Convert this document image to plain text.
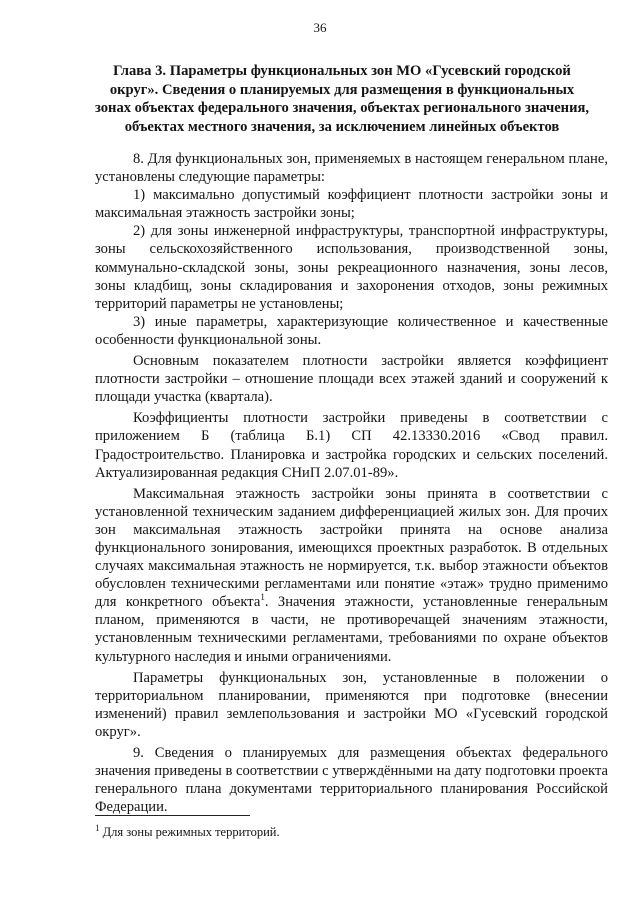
36
Глава 3. Параметры функциональных зон МО «Гусевский городской округ». Сведения о планируемых для размещения в функциональных зонах объектах федерального значения, объектах регионального значения, объектах местного значения, за исключением линейных объектов

8. Для функциональных зон, применяемых в настоящем генеральном плане, установлены следующие параметры:

1) максимально допустимый коэффициент плотности застройки зоны и максимальная этажность застройки зоны;

2) для зоны инженерной инфраструктуры, транспортной инфраструктуры, зоны сельскохозяйственного использования, производственной зоны, коммунально-складской зоны, зоны рекреационного назначения, зоны лесов, зоны кладбищ, зоны складирования и захоронения отходов, зоны режимных территорий параметры не установлены;

3) иные параметры, характеризующие количественное и качественные особенности функциональной зоны.

Основным показателем плотности застройки является коэффициент плотности застройки – отношение площади всех этажей зданий и сооружений к площади участка (квартала).

Коэффициенты плотности застройки приведены в соответствии с приложением Б (таблица Б.1) СП 42.13330.2016 «Свод правил. Градостроительство. Планировка и застройка городских и сельских поселений. Актуализированная редакция СНиП 2.07.01-89».

Максимальная этажность застройки зоны принята в соответствии с установленной техническим заданием дифференциацией жилых зон. Для прочих зон максимальная этажность застройки принята на основе анализа функционального зонирования, имеющихся проектных разработок. В отдельных случаях максимальная этажность не нормируется, т.к. выбор этажности объектов обусловлен техническими регламентами или понятие «этаж» трудно применимо для конкретного объекта$^1$. Значения этажности, установленные генеральным планом, применяются в части, не противоречащей значениям этажности, установленным техническими регламентами, требованиями по охране объектов культурного наследия и иными ограничениями.

Параметры функциональных зон, установленные в положении о территориальном планировании, применяются при подготовке (внесении изменений) правил землепользования и застройки МО «Гусевский городской округ».

9. Сведения о планируемых для размещения объектах федерального значения приведены в соответствии с утверждёнными на дату подготовки проекта генерального плана документами территориального планирования Российской Федерации.

$^1$ Для зоны режимных территорий.
